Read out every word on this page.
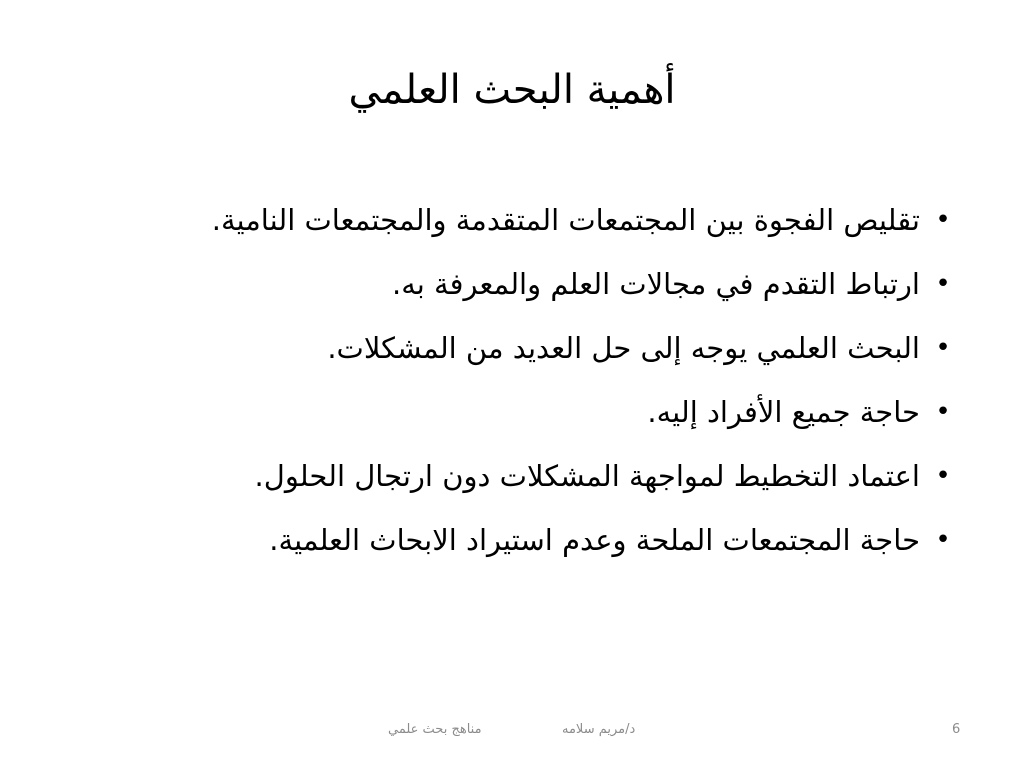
أهمية البحث العلمي
•
تقليص الفجوة بين المجتمعات المتقدمة والمجتمعات النامية.
•
ارتباط التقدم في مجالات العلم والمعرفة به.
•
البحث العلمي يوجه إلى حل العديد من المشكلات.
•
حاجة جميع الأفراد إليه.
•
اعتماد التخطيط لمواجهة المشكلات دون ارتجال الحلول.
•
حاجة المجتمعات الملحة وعدم استيراد الابحاث العلمية.
مناهج بحث علمي	د/مريم سلامه	6
